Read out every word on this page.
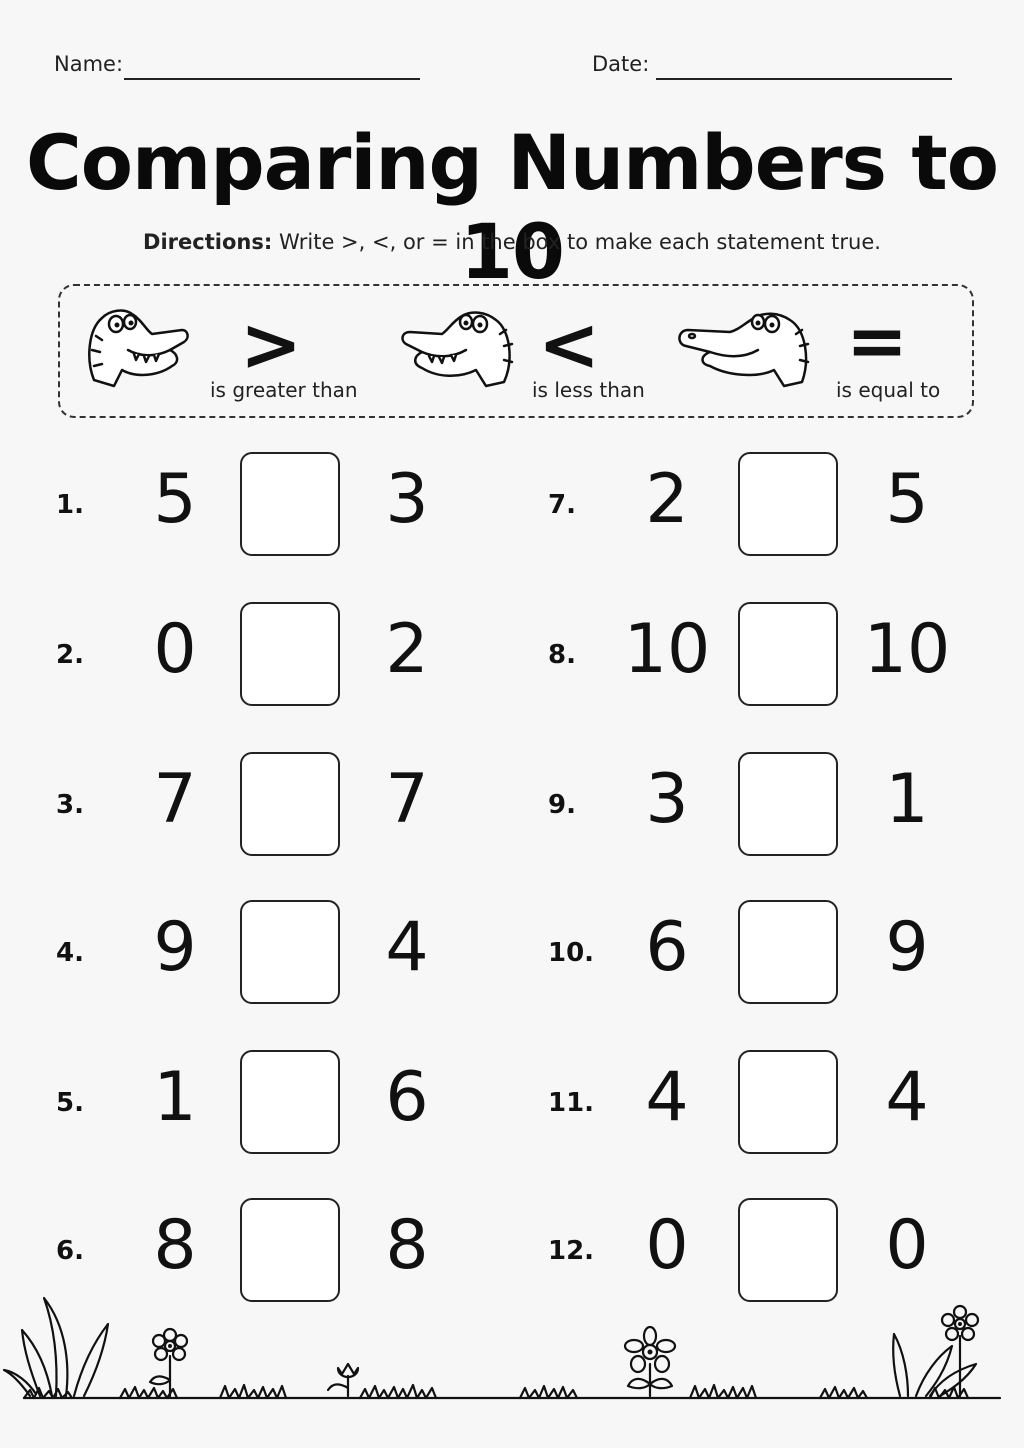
Name:	Date:
Comparing Numbers to 10
Directions: Write >, <, or = in the box to make each statement true.
>
is greater than
<
is less than
=
is equal to
1.	5	3
2.	0	2
3.	7	7
4.	9	4
5.	1	6
6.	8	8
7.	2	5
8. 10 10
9.	3	1
10. 6	9
11. 4	4
12. 0	0
